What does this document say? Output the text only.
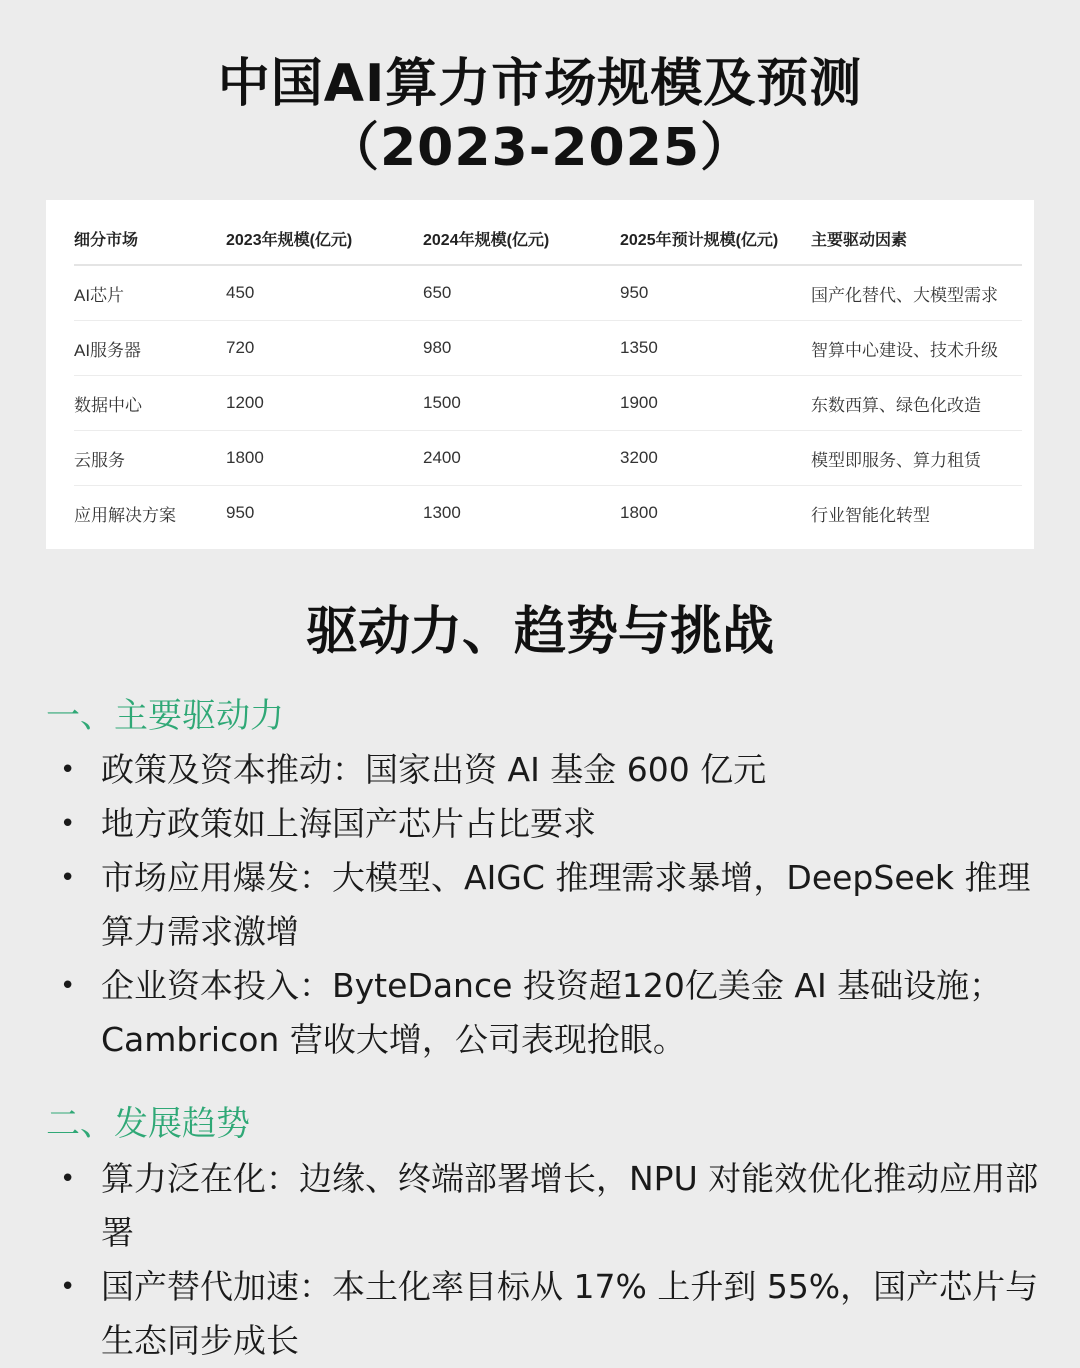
中国AI算力市场规模及预测
（2023-2025）
细分市场	2023年规模(亿元)	2024年规模(亿元)	2025年预计规模(亿元)	主要驱动因素
AI芯片	450	650	950	国产化替代、大模型需求
AI服务器	720	980	1350	智算中心建设、技术升级
数据中心	1200	1500	1900	东数西算、绿色化改造
云服务	1800	2400	3200	模型即服务、算力租赁
应用解决方案	950	1300	1800	行业智能化转型
驱动力、趋势与挑战
一、主要驱动力
• 政策及资本推动：国家出资 AI 基金 600 亿元
• 地方政策如上海国产芯片占比要求
• 市场应用爆发：大模型、AIGC 推理需求暴增，DeepSeek 推理算力需求激增
• 企业资本投入：ByteDance 投资超120亿美金 AI 基础设施；Cambricon 营收大增，公司表现抢眼。
二、发展趋势
• 算力泛在化：边缘、终端部署增长，NPU 对能效优化推动应用部署
• 国产替代加速：本土化率目标从 17% 上升到 55%，国产芯片与生态同步成长
